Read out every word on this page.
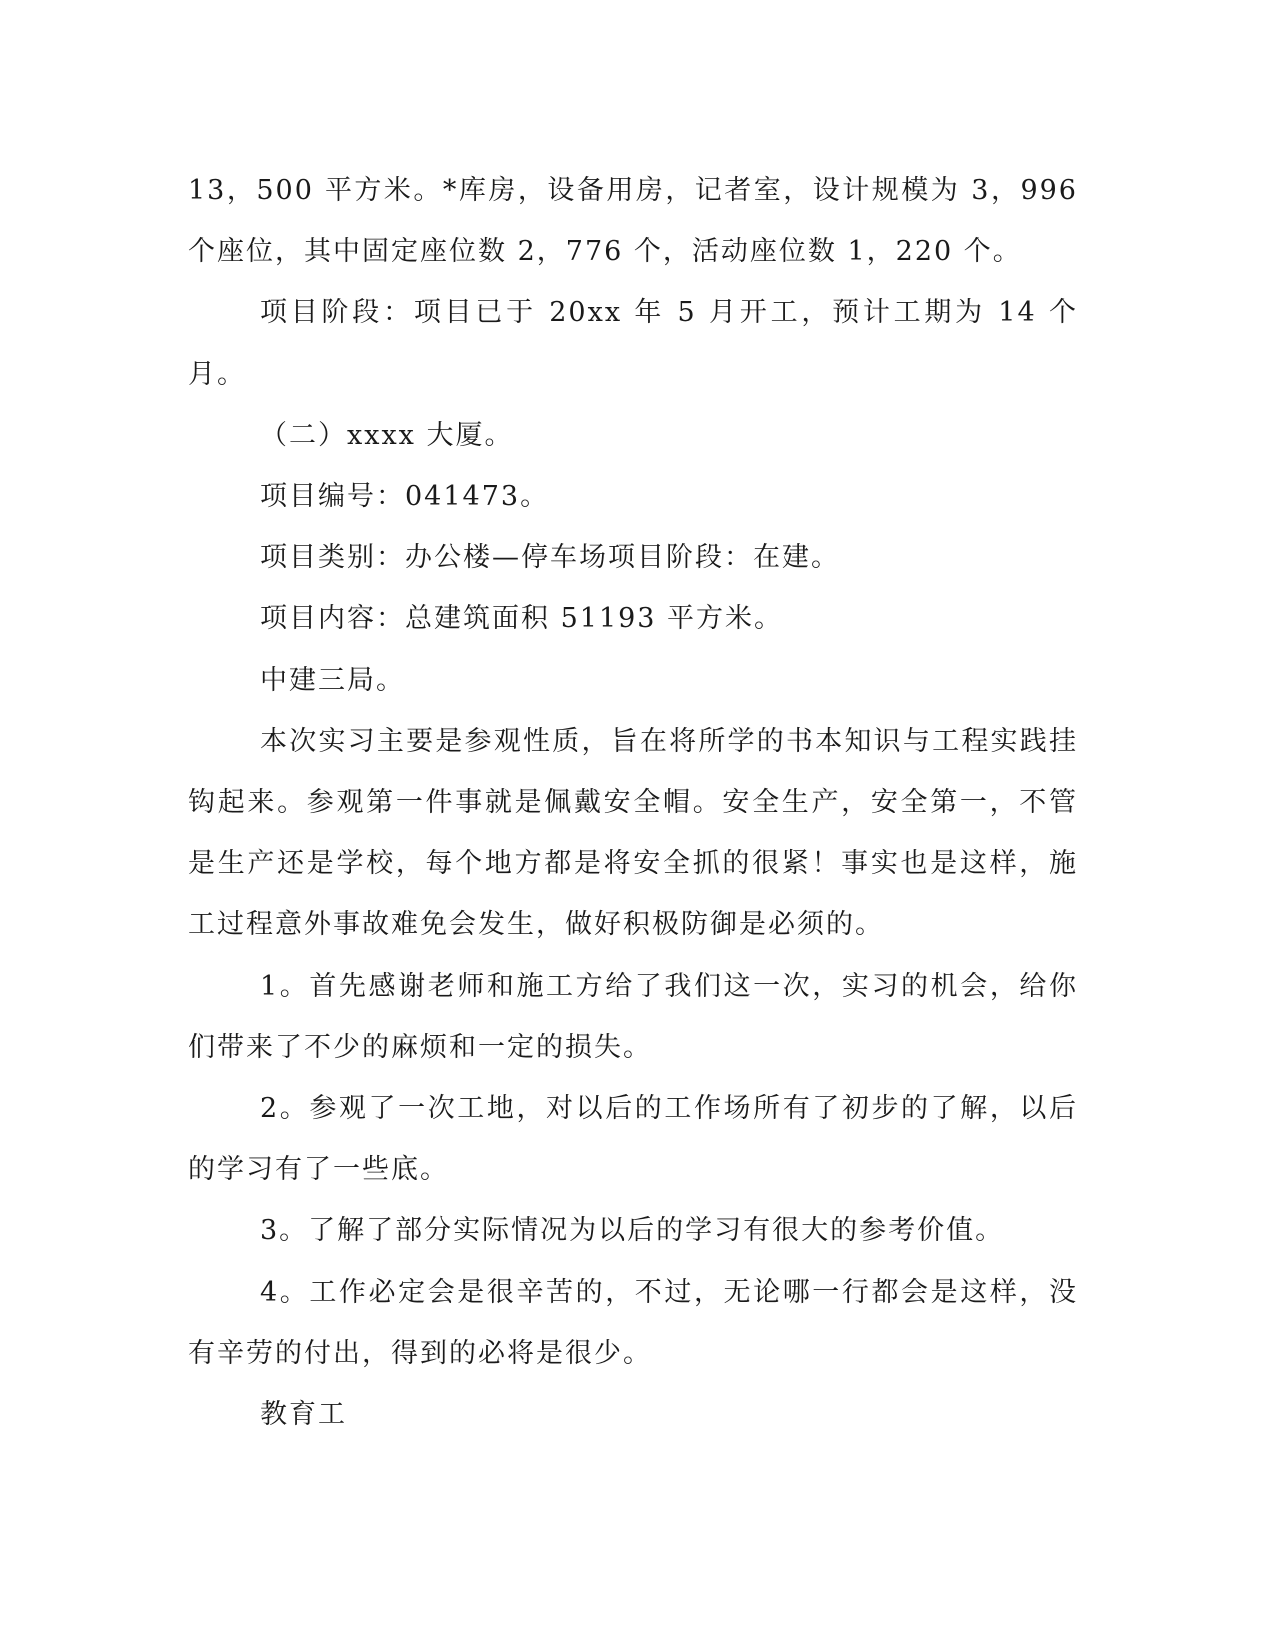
13，500 平方米。*库房，设备用房，记者室，设计规模为 3，996 个座位，其中固定座位数 2，776 个，活动座位数 1，220 个。

项目阶段：项目已于 20xx 年 5 月开工，预计工期为 14 个月。

（二）xxxx 大厦。

项目编号：041473。

项目类别：办公楼—停车场项目阶段：在建。

项目内容：总建筑面积 51193 平方米。

中建三局。

本次实习主要是参观性质，旨在将所学的书本知识与工程实践挂钩起来。参观第一件事就是佩戴安全帽。安全生产，安全第一，不管是生产还是学校，每个地方都是将安全抓的很紧！事实也是这样，施工过程意外事故难免会发生，做好积极防御是必须的。

1。首先感谢老师和施工方给了我们这一次，实习的机会，给你们带来了不少的麻烦和一定的损失。

2。参观了一次工地，对以后的工作场所有了初步的了解，以后的学习有了一些底。

3。了解了部分实际情况为以后的学习有很大的参考价值。

4。工作必定会是很辛苦的，不过，无论哪一行都会是这样，没有辛劳的付出，得到的必将是很少。

教育工
